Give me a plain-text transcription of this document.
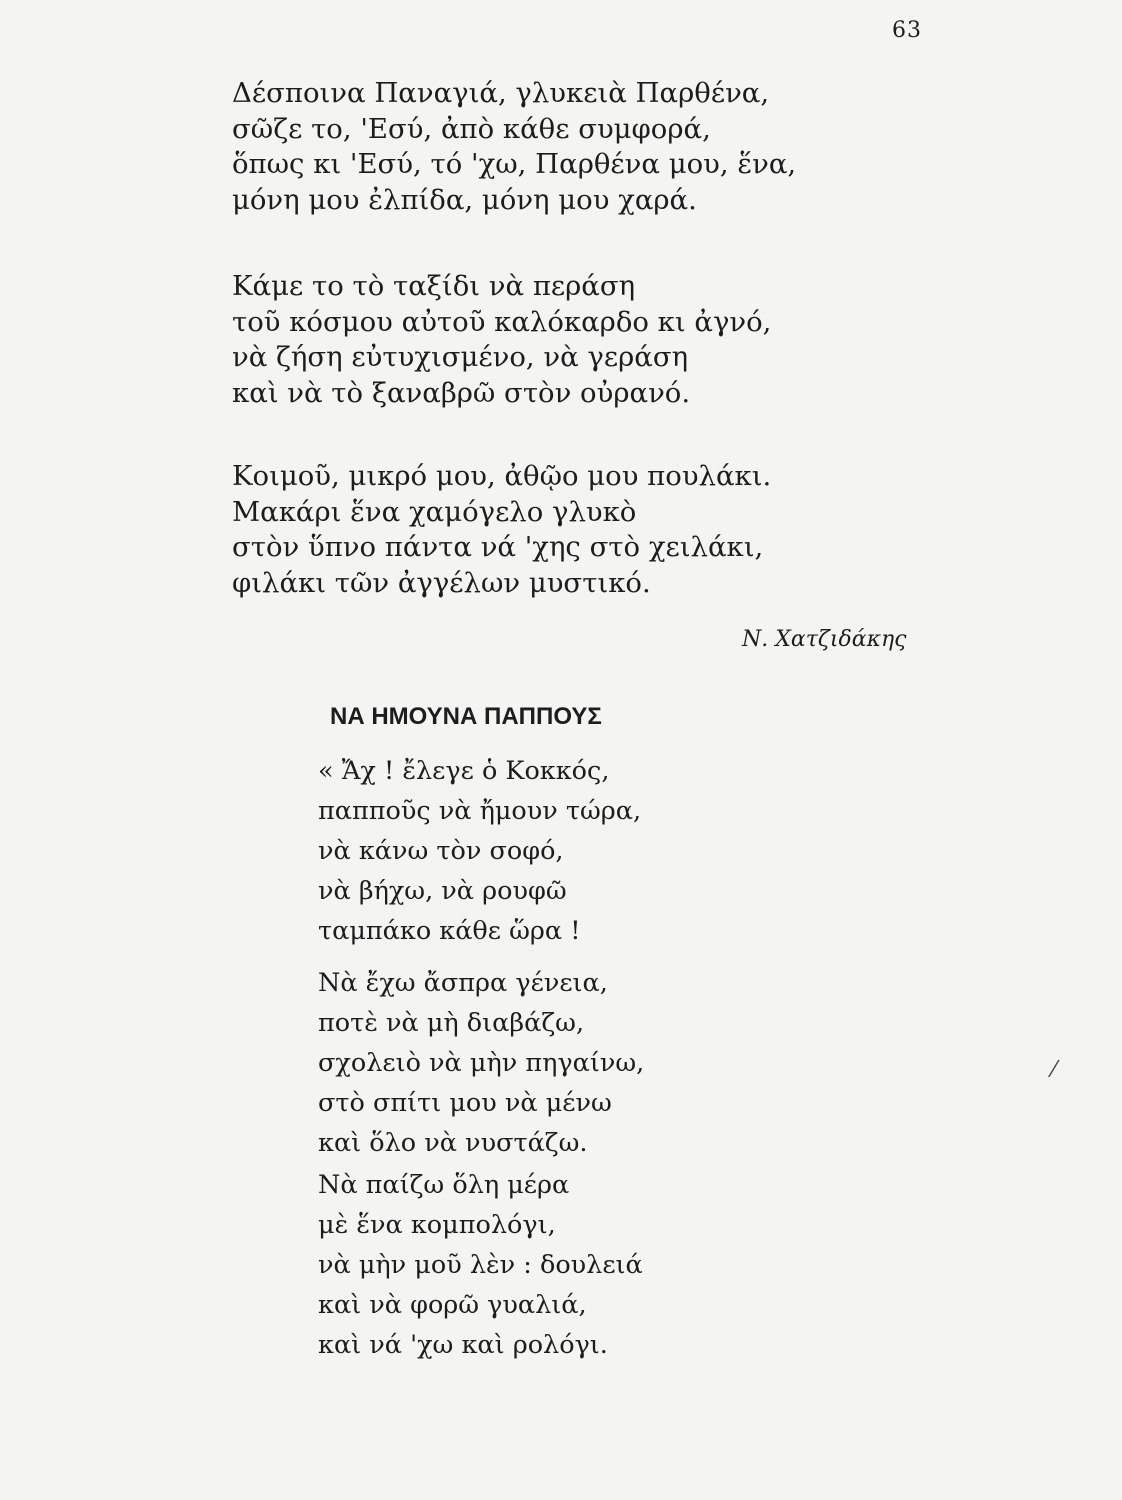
63
Δέσποινα Παναγιά, γλυκειὰ Παρθένα,
σῶζε το, 'Εσύ, ἀπὸ κάθε συμφορά,
ὅπως κι 'Εσύ, τό 'χω, Παρθένα μου, ἕνα,
μόνη μου ἐλπίδα, μόνη μου χαρά.
Κάμε το τὸ ταξίδι νὰ περάση
τοῦ κόσμου αὐτοῦ καλόκαρδο κι ἀγνό,
νὰ ζήση εὐτυχισμένο, νὰ γεράση
καὶ νὰ τὸ ξαναβρῶ στὸν οὐρανό.
Κοιμοῦ, μικρό μου, ἀθῷο μου πουλάκι.
Μακάρι ἕνα χαμόγελο γλυκὸ
στὸν ὕπνο πάντα νά 'χης στὸ χειλάκι,
φιλάκι τῶν ἀγγέλων μυστικό.
Ν. Χατζιδάκης
ΝΑ ΗΜΟΥΝΑ ΠΑΠΠΟΥΣ
« Ἄχ ! ἔλεγε ὁ Κοκκός,
παπποῦς νὰ ἤμουν τώρα,
νὰ κάνω τὸν σοφό,
νὰ βήχω, νὰ ρουφῶ
ταμπάκο κάθε ὥρα !
Νὰ ἔχω ἄσπρα γένεια,
ποτὲ νὰ μὴ διαβάζω,
σχολειὸ νὰ μὴν πηγαίνω,
στὸ σπίτι μου νὰ μένω
καὶ ὅλο νὰ νυστάζω.
Νὰ παίζω ὅλη μέρα
μὲ ἕνα κομπολόγι,
νὰ μὴν μοῦ λὲν : δουλειά
καὶ νὰ φορῶ γυαλιά,
καὶ νά 'χω καὶ ρολόγι.
⁄
